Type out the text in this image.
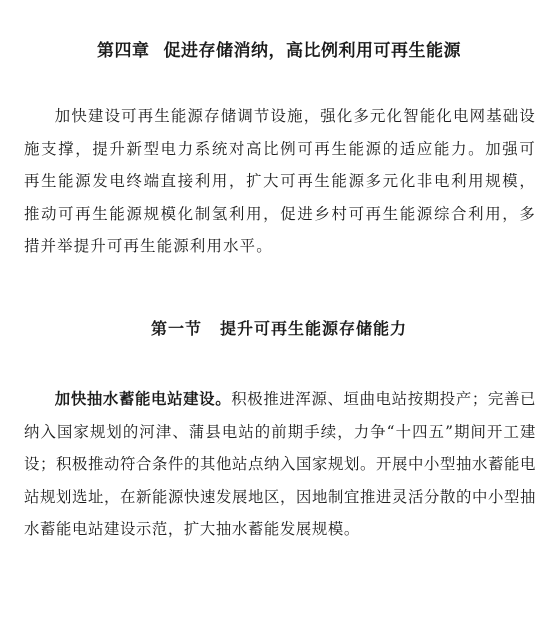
第四章 促进存储消纳，高比例利用可再生能源

加快建设可再生能源存储调节设施，强化多元化智能化电网基础设施支撑，提升新型电力系统对高比例可再生能源的适应能力。加强可再生能源发电终端直接利用，扩大可再生能源多元化非电利用规模，推动可再生能源规模化制氢利用，促进乡村可再生能源综合利用，多措并举提升可再生能源利用水平。

第一节 提升可再生能源存储能力

加快抽水蓄能电站建设。积极推进浑源、垣曲电站按期投产；完善已纳入国家规划的河津、蒲县电站的前期手续，力争“十四五”期间开工建设；积极推动符合条件的其他站点纳入国家规划。开展中小型抽水蓄能电站规划选址，在新能源快速发展地区，因地制宜推进灵活分散的中小型抽水蓄能电站建设示范，扩大抽水蓄能发展规模。
